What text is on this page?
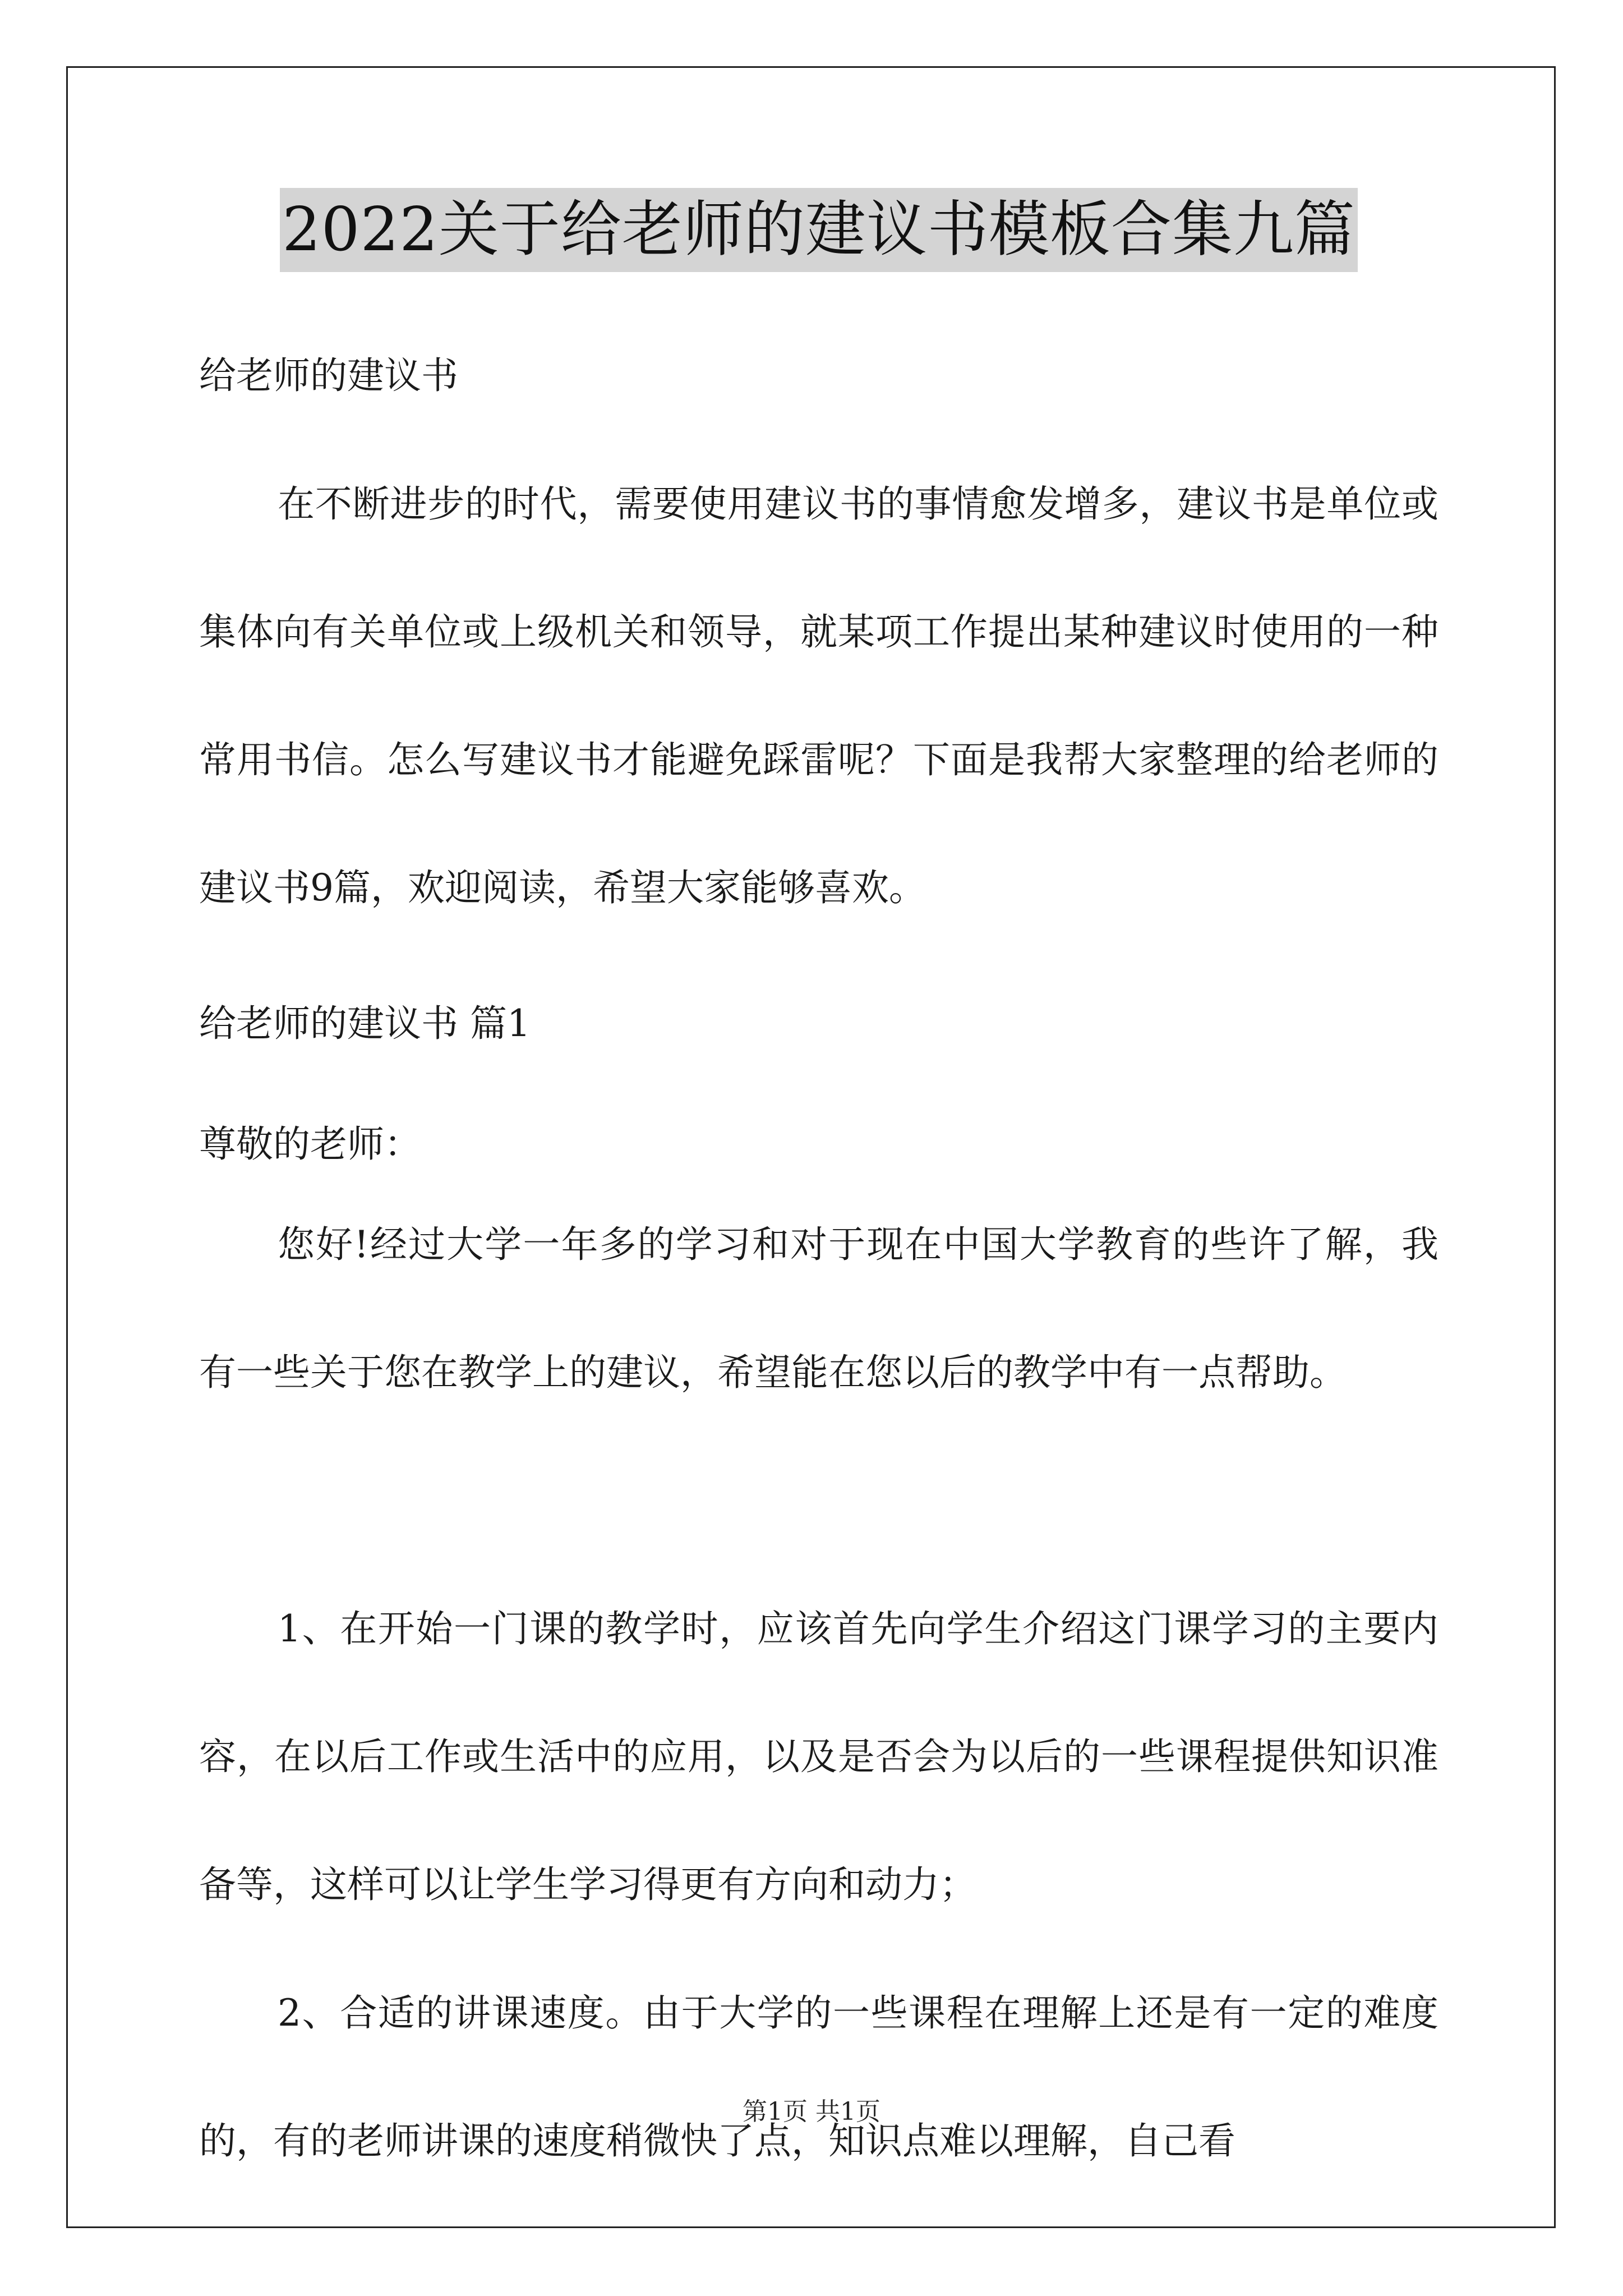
2022关于给老师的建议书模板合集九篇
给老师的建议书

在不断进步的时代，需要使用建议书的事情愈发增多，建议书是单位或集体向有关单位或上级机关和领导，就某项工作提出某种建议时使用的一种常用书信。怎么写建议书才能避免踩雷呢？下面是我帮大家整理的给老师的建议书9篇，欢迎阅读，希望大家能够喜欢。

给老师的建议书 篇1
尊敬的老师：

您好!经过大学一年多的学习和对于现在中国大学教育的些许了解，我有一些关于您在教学上的建议，希望能在您以后的教学中有一点帮助。

1、在开始一门课的教学时，应该首先向学生介绍这门课学习的主要内容，在以后工作或生活中的应用，以及是否会为以后的一些课程提供知识准备等，这样可以让学生学习得更有方向和动力；

2、合适的讲课速度。由于大学的一些课程在理解上还是有一定的难度的，有的老师讲课的速度稍微快了点，知识点难以理解，自己看

第1页 共1页
